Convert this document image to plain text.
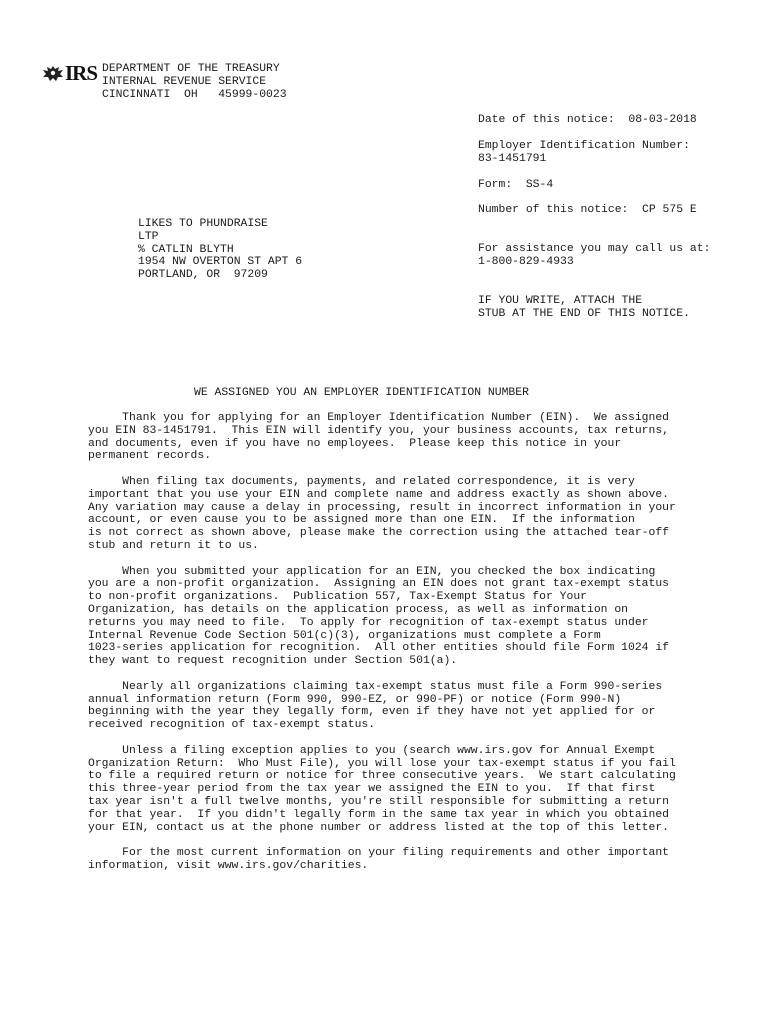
IRS DEPARTMENT OF THE TREASURY
INTERNAL REVENUE SERVICE
CINCINNATI  OH   45999-0023
Date of this notice:  08-03-2018
Employer Identification Number:
83-1451791
Form:  SS-4
Number of this notice:  CP 575 E
For assistance you may call us at:
1-800-829-4933
IF YOU WRITE, ATTACH THE
STUB AT THE END OF THIS NOTICE.
LIKES TO PHUNDRAISE
LTP
% CATLIN BLYTH
1954 NW OVERTON ST APT 6
PORTLAND, OR  97209
WE ASSIGNED YOU AN EMPLOYER IDENTIFICATION NUMBER

Thank you for applying for an Employer Identification Number (EIN).  We assigned
you EIN 83-1451791.  This EIN will identify you, your business accounts, tax returns,
and documents, even if you have no employees.  Please keep this notice in your
permanent records.

When filing tax documents, payments, and related correspondence, it is very
important that you use your EIN and complete name and address exactly as shown above.
Any variation may cause a delay in processing, result in incorrect information in your
account, or even cause you to be assigned more than one EIN.  If the information
is not correct as shown above, please make the correction using the attached tear-off
stub and return it to us.

When you submitted your application for an EIN, you checked the box indicating
you are a non-profit organization.  Assigning an EIN does not grant tax-exempt status
to non-profit organizations.  Publication 557, Tax-Exempt Status for Your
Organization, has details on the application process, as well as information on
returns you may need to file.  To apply for recognition of tax-exempt status under
Internal Revenue Code Section 501(c)(3), organizations must complete a Form
1023-series application for recognition.  All other entities should file Form 1024 if
they want to request recognition under Section 501(a).

Nearly all organizations claiming tax-exempt status must file a Form 990-series
annual information return (Form 990, 990-EZ, or 990-PF) or notice (Form 990-N)
beginning with the year they legally form, even if they have not yet applied for or
received recognition of tax-exempt status.

Unless a filing exception applies to you (search www.irs.gov for Annual Exempt
Organization Return:  Who Must File), you will lose your tax-exempt status if you fail
to file a required return or notice for three consecutive years.  We start calculating
this three-year period from the tax year we assigned the EIN to you.  If that first
tax year isn't a full twelve months, you're still responsible for submitting a return
for that year.  If you didn't legally form in the same tax year in which you obtained
your EIN, contact us at the phone number or address listed at the top of this letter.

For the most current information on your filing requirements and other important
information, visit www.irs.gov/charities.
